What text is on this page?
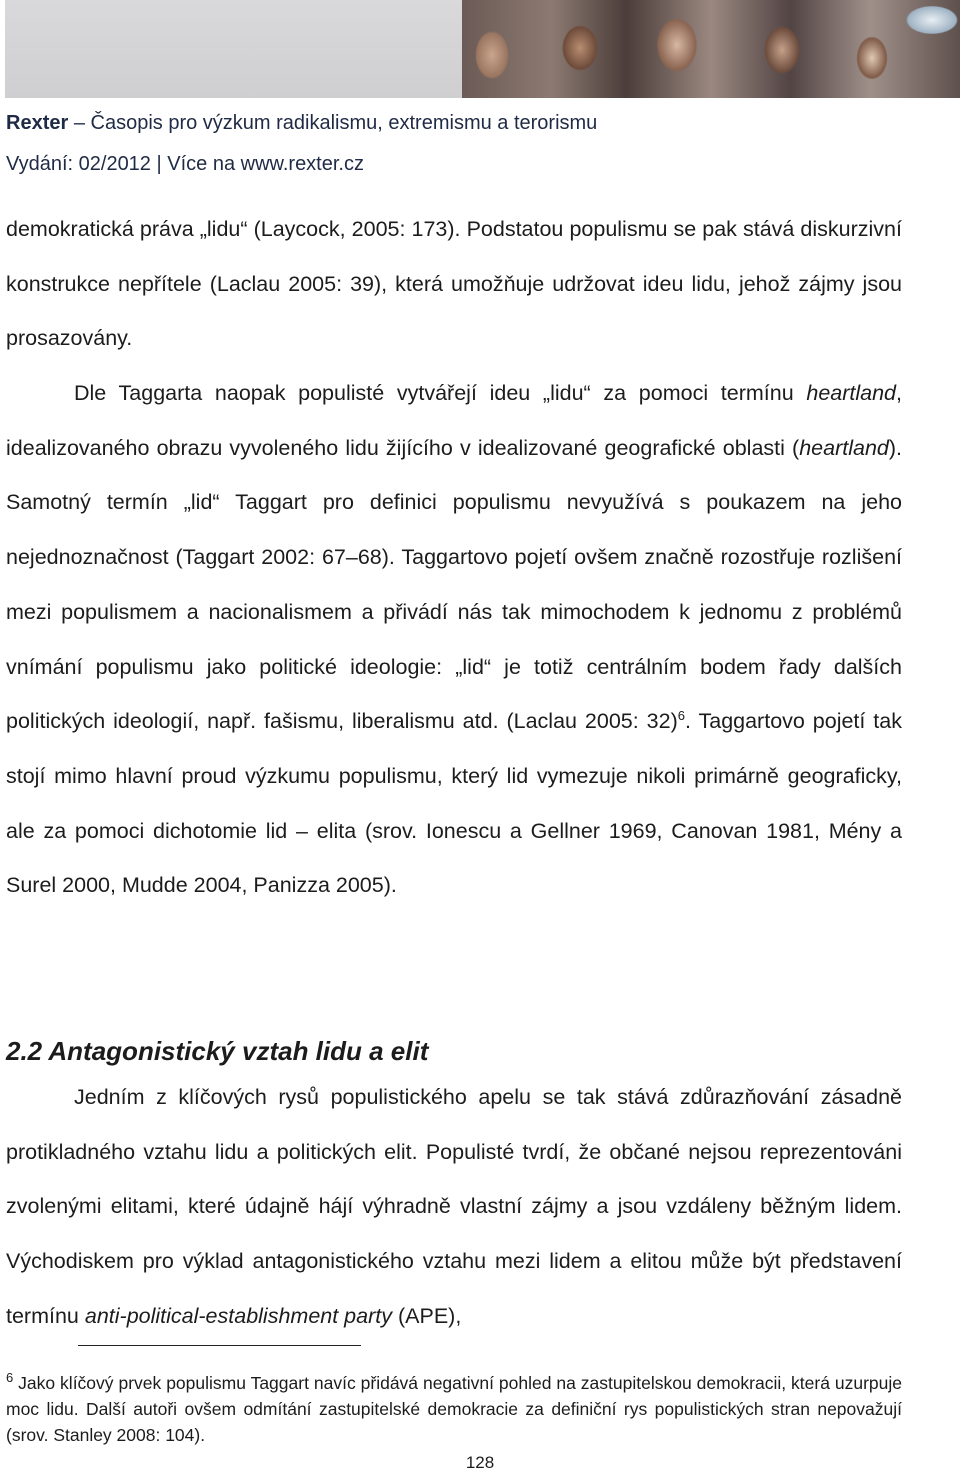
Rexter – Časopis pro výzkum radikalismu, extremismu a terorismu
Vydání: 02/2012 | Více na www.rexter.cz

demokratická práva „lidu“ (Laycock, 2005: 173). Podstatou populismu se pak stává diskurzivní konstrukce nepřítele (Laclau 2005: 39), která umožňuje udržovat ideu lidu, jehož zájmy jsou prosazovány.

Dle Taggarta naopak populisté vytvářejí ideu „lidu“ za pomoci termínu heartland, idealizovaného obrazu vyvoleného lidu žijícího v idealizované geografické oblasti (heartland). Samotný termín „lid“ Taggart pro definici populismu nevyužívá s poukazem na jeho nejednoznačnost (Taggart 2002: 67–68). Taggartovo pojetí ovšem značně rozostřuje rozlišení mezi populismem a nacionalismem a přivádí nás tak mimochodem k jednomu z problémů vnímání populismu jako politické ideologie: „lid“ je totiž centrálním bodem řady dalších politických ideologií, např. fašismu, liberalismu atd. (Laclau 2005: 32)$^6$. Taggartovo pojetí tak stojí mimo hlavní proud výzkumu populismu, který lid vymezuje nikoli primárně geograficky, ale za pomoci dichotomie lid – elita (srov. Ionescu a Gellner 1969, Canovan 1981, Mény a Surel 2000, Mudde 2004, Panizza 2005).

2.2 Antagonistický vztah lidu a elit

Jedním z klíčových rysů populistického apelu se tak stává zdůrazňování zásadně protikladného vztahu lidu a politických elit. Populisté tvrdí, že občané nejsou reprezentováni zvolenými elitami, které údajně hájí výhradně vlastní zájmy a jsou vzdáleny běžným lidem. Východiskem pro výklad antagonistického vztahu mezi lidem a elitou může být představení termínu anti-political-establishment party (APE),

$^6$ Jako klíčový prvek populismu Taggart navíc přidává negativní pohled na zastupitelskou demokracii, která uzurpuje moc lidu. Další autoři ovšem odmítání zastupitelské demokracie za definiční rys populistických stran nepovažují (srov. Stanley 2008: 104).

128
